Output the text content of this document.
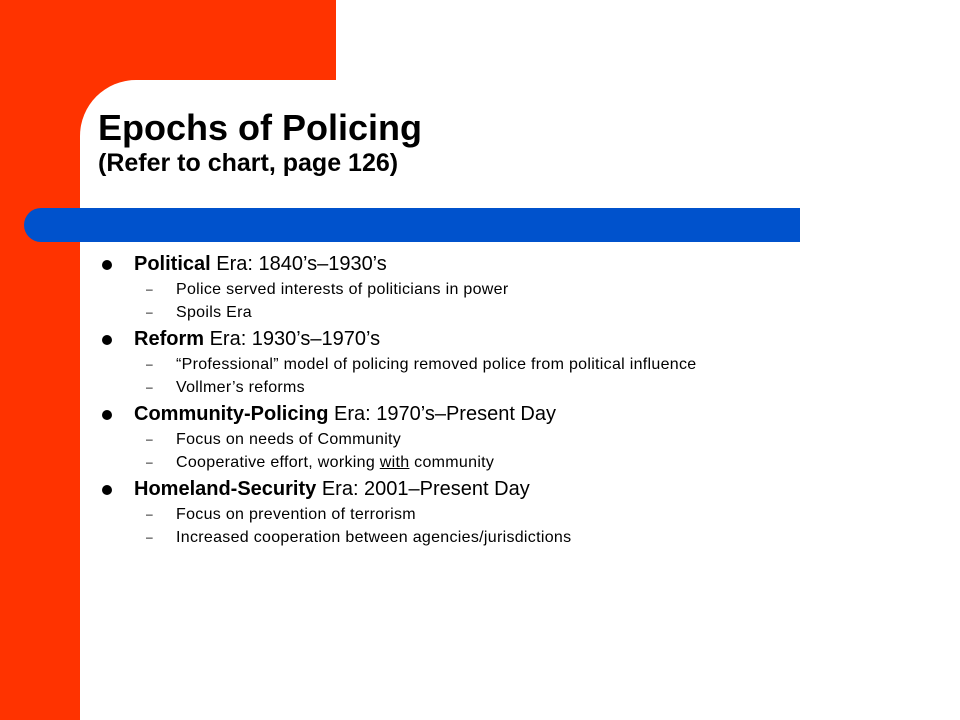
Epochs of Policing
(Refer to chart, page 126)
Political Era: 1840’s–1930’s
– Police served interests of politicians in power
– Spoils Era
Reform Era: 1930’s–1970’s
– “Professional” model of policing removed police from political influence
– Vollmer’s reforms
Community-Policing Era: 1970’s–Present Day
– Focus on needs of Community
– Cooperative effort, working with community
Homeland-Security Era: 2001–Present Day
– Focus on prevention of terrorism
– Increased cooperation between agencies/jurisdictions
